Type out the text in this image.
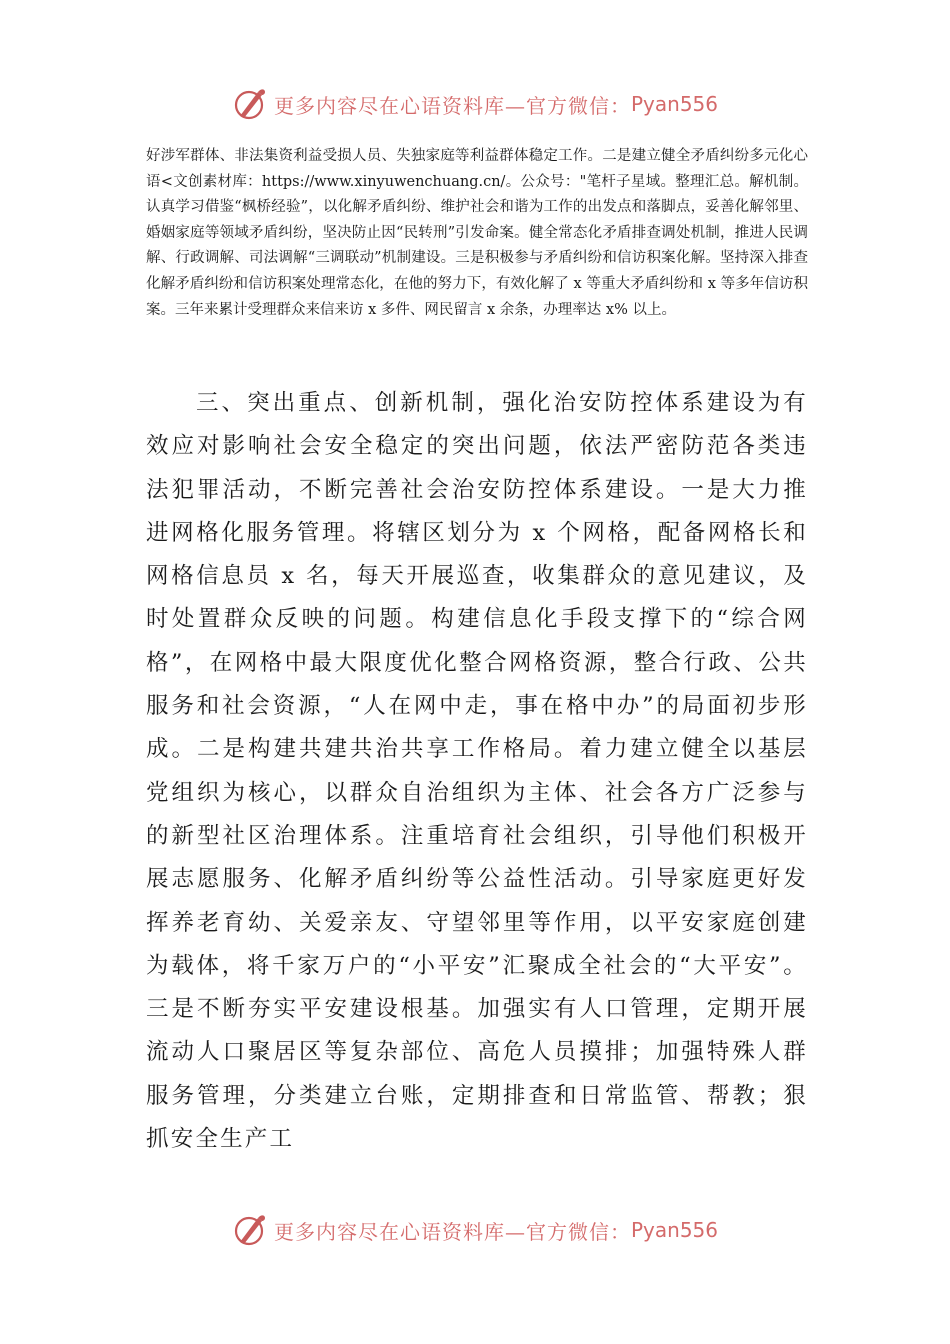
更多内容尽在心语资料库—官方微信： Pyan556

好涉军群体、非法集资利益受损人员、失独家庭等利益群体稳定工作。二是建立健全矛盾纠纷多元化心语<文创素材库：https://www.xinyuwenchuang.cn/。公众号："笔杆子星域。整理汇总。解机制。认真学习借鉴“枫桥经验”，以化解矛盾纠纷、维护社会和谐为工作的出发点和落脚点，妥善化解邻里、婚姻家庭等领域矛盾纠纷，坚决防止因“民转刑”引发命案。健全常态化矛盾排查调处机制，推进人民调解、行政调解、司法调解“三调联动”机制建设。三是积极参与矛盾纠纷和信访积案化解。坚持深入排查化解矛盾纠纷和信访积案处理常态化，在他的努力下，有效化解了 x 等重大矛盾纠纷和 x 等多年信访积案。三年来累计受理群众来信来访 x 多件、网民留言 x 余条，办理率达 x% 以上。

三、突出重点、创新机制，强化治安防控体系建设为有效应对影响社会安全稳定的突出问题，依法严密防范各类违法犯罪活动，不断完善社会治安防控体系建设。一是大力推进网格化服务管理。将辖区划分为 x 个网格，配备网格长和网格信息员 x 名，每天开展巡查，收集群众的意见建议，及时处置群众反映的问题。构建信息化手段支撑下的“综合网格”，在网格中最大限度优化整合网格资源，整合行政、公共服务和社会资源，“人在网中走，事在格中办”的局面初步形成。二是构建共建共治共享工作格局。着力建立健全以基层党组织为核心，以群众自治组织为主体、社会各方广泛参与的新型社区治理体系。注重培育社会组织，引导他们积极开展志愿服务、化解矛盾纠纷等公益性活动。引导家庭更好发挥养老育幼、关爱亲友、守望邻里等作用，以平安家庭创建为载体，将千家万户的“小平安”汇聚成全社会的“大平安”。三是不断夯实平安建设根基。加强实有人口管理，定期开展流动人口聚居区等复杂部位、高危人员摸排；加强特殊人群服务管理，分类建立台账，定期排查和日常监管、帮教；狠抓安全生产工

更多内容尽在心语资料库—官方微信： Pyan556
